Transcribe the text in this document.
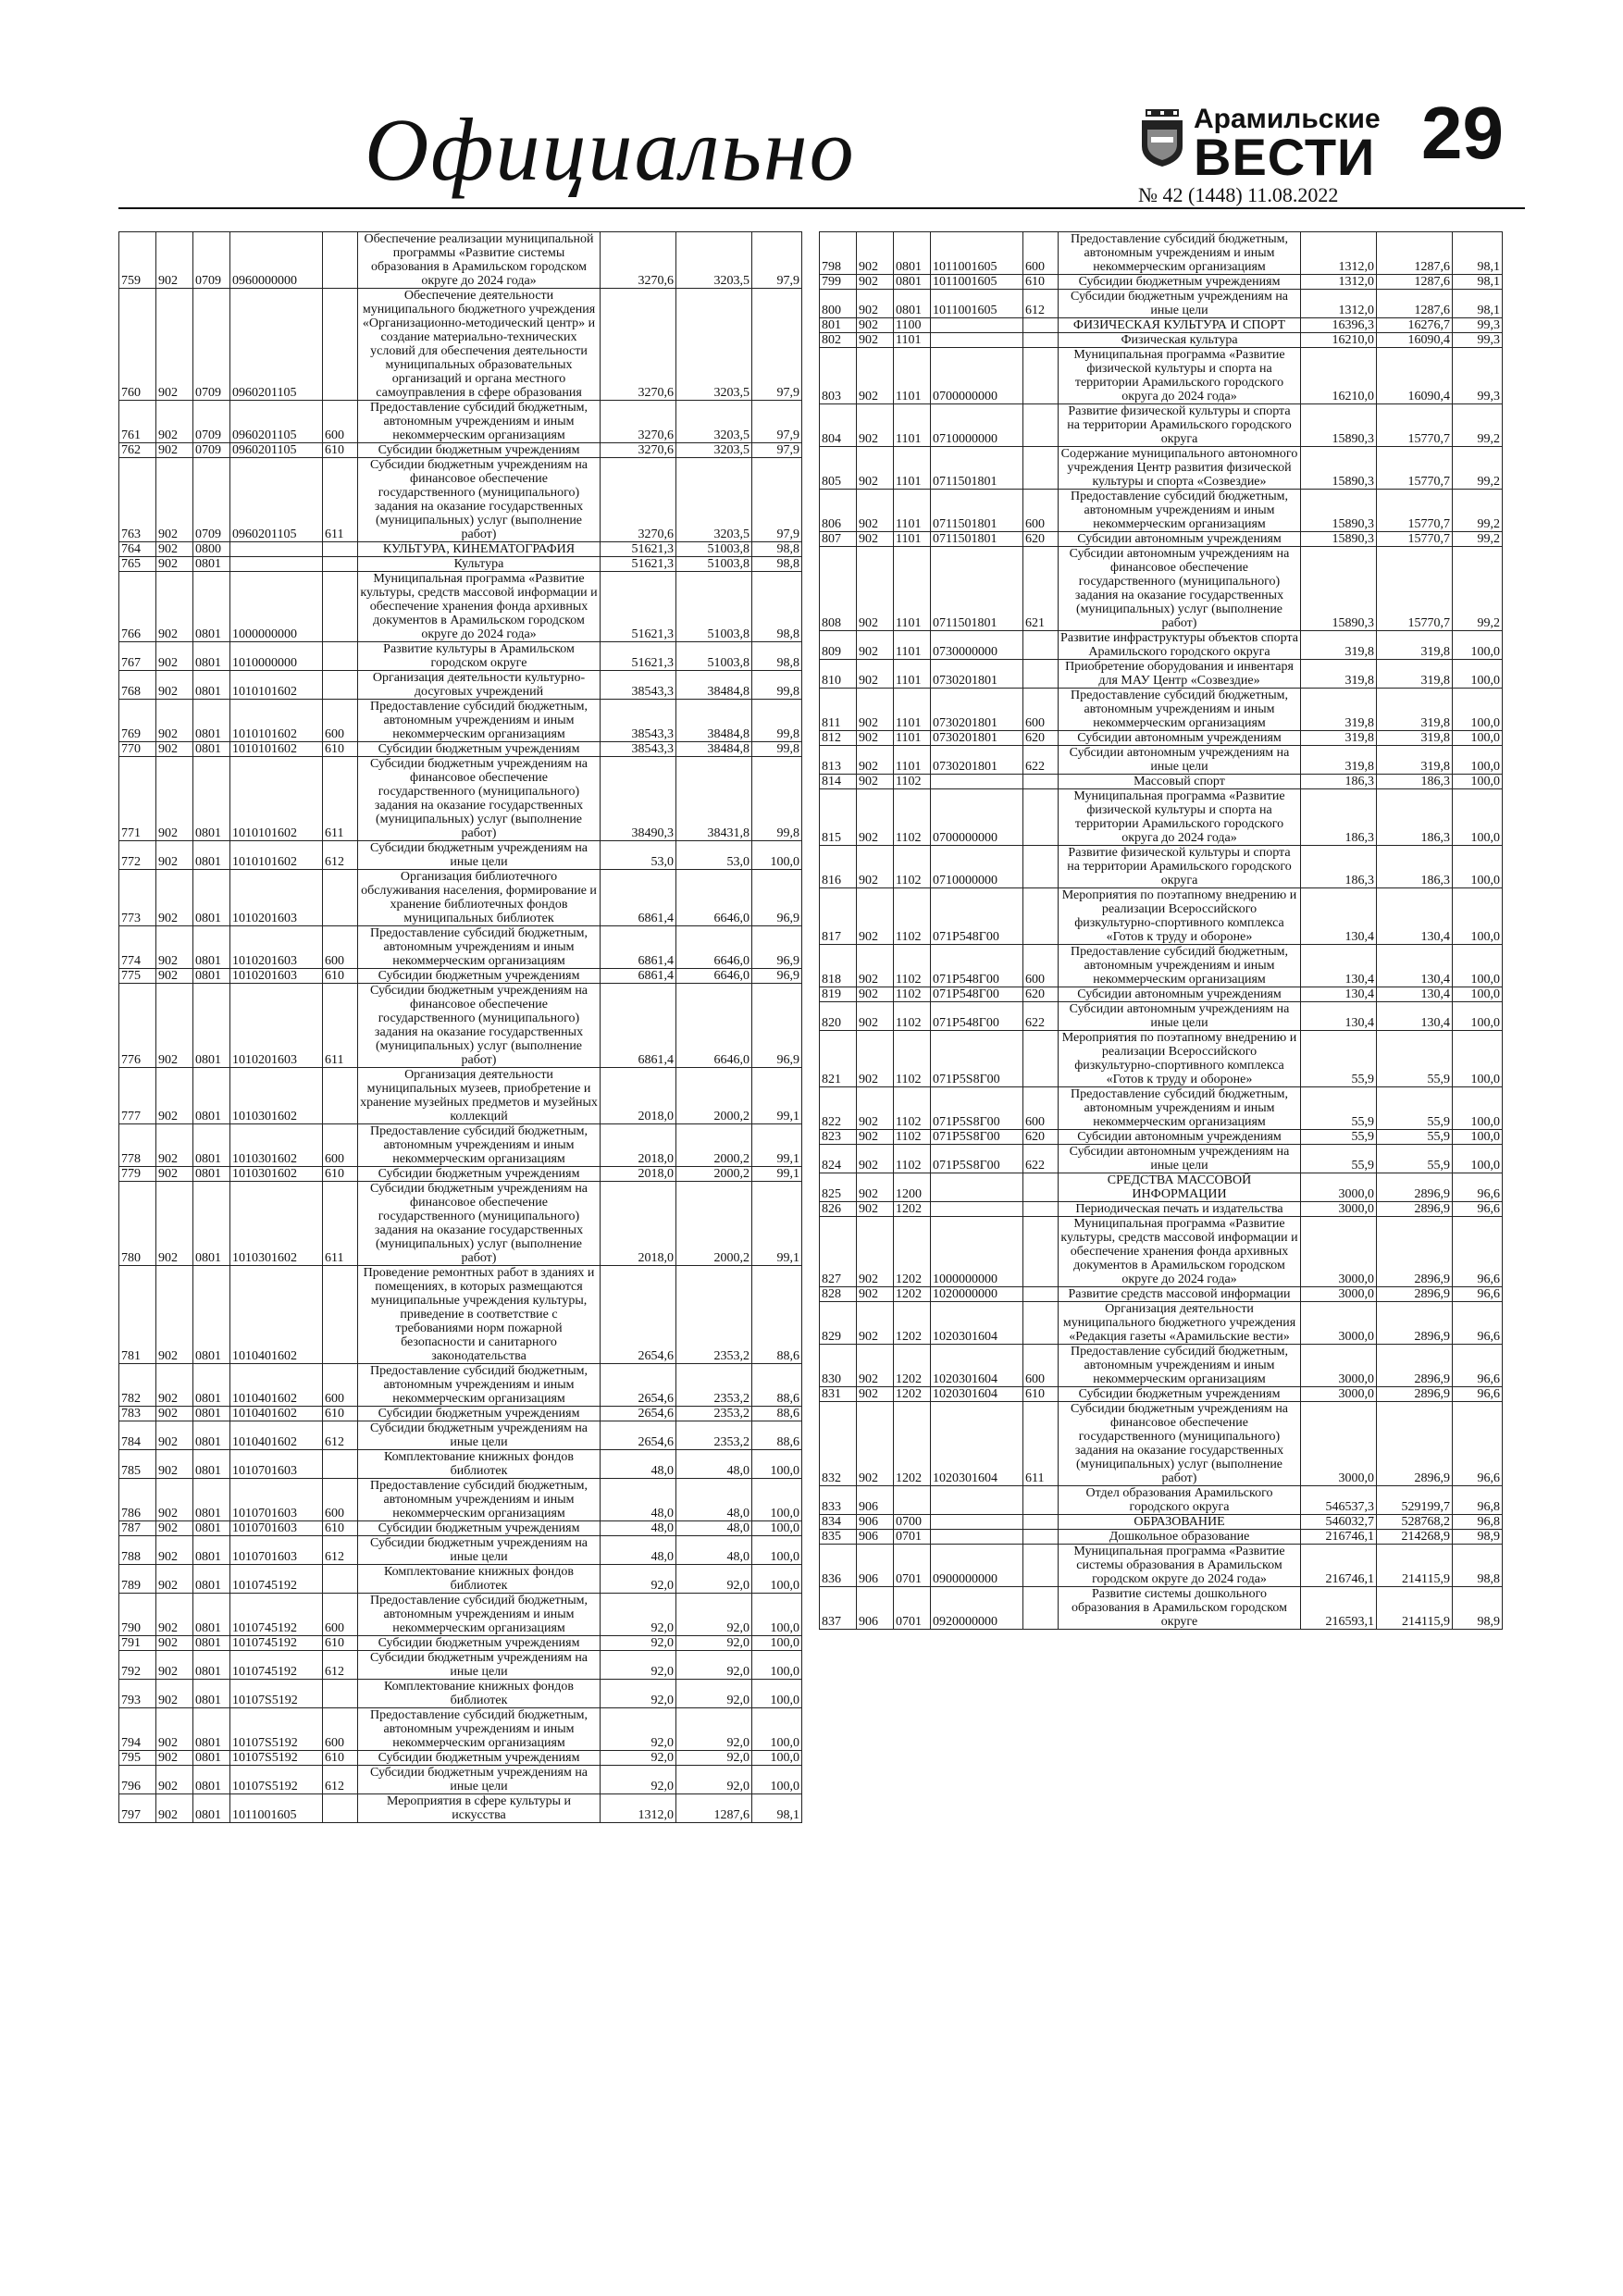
Официально	Арамильские
ВЕСТИ
№ 42 (1448) 11.08.2022
29
759	902	0709	0960000000		Обеспечение реализации муниципальной программы «Развитие системы образования в Арамильском городском округе до 2024 года»	3270,6	3203,5	97,9
760	902	0709	0960201105		Обеспечение деятельности муниципального бюджетного учреждения «Организационно-методический центр» и создание материально-технических условий для обеспечения деятельности муниципальных образовательных организаций и органа местного самоуправления в сфере образования	3270,6	3203,5	97,9
761	902	0709	0960201105	600	Предоставление субсидий бюджетным, автономным учреждениям и иным некоммерческим организациям	3270,6	3203,5	97,9
762	902	0709	0960201105	610	Субсидии бюджетным учреждениям	3270,6	3203,5	97,9
763	902	0709	0960201105	611	Субсидии бюджетным учреждениям на финансовое обеспечение государственного (муниципального) задания на оказание государственных (муниципальных) услуг (выполнение работ)	3270,6	3203,5	97,9
764	902	0800			КУЛЬТУРА, КИНЕМАТОГРАФИЯ	51621,3	51003,8	98,8
765	902	0801			Культура	51621,3	51003,8	98,8
766	902	0801	1000000000		Муниципальная программа «Развитие культуры, средств массовой информации и обеспечение хранения фонда архивных документов в Арамильском городском округе до 2024 года»	51621,3	51003,8	98,8
767	902	0801	1010000000		Развитие культуры в Арамильском городском округе	51621,3	51003,8	98,8
768	902	0801	1010101602		Организация деятельности культурно-досуговых учреждений	38543,3	38484,8	99,8
769	902	0801	1010101602	600	Предоставление субсидий бюджетным, автономным учреждениям и иным некоммерческим организациям	38543,3	38484,8	99,8
770	902	0801	1010101602	610	Субсидии бюджетным учреждениям	38543,3	38484,8	99,8
771	902	0801	1010101602	611	Субсидии бюджетным учреждениям на финансовое обеспечение государственного (муниципального) задания на оказание государственных (муниципальных) услуг (выполнение работ)	38490,3	38431,8	99,8
772	902	0801	1010101602	612	Субсидии бюджетным учреждениям на иные цели	53,0	53,0	100,0
773	902	0801	1010201603		Организация библиотечного обслуживания населения, формирование и хранение библиотечных фондов муниципальных библиотек	6861,4	6646,0	96,9
774	902	0801	1010201603	600	Предоставление субсидий бюджетным, автономным учреждениям и иным некоммерческим организациям	6861,4	6646,0	96,9
775	902	0801	1010201603	610	Субсидии бюджетным учреждениям	6861,4	6646,0	96,9
776	902	0801	1010201603	611	Субсидии бюджетным учреждениям на финансовое обеспечение государственного (муниципального) задания на оказание государственных (муниципальных) услуг (выполнение работ)	6861,4	6646,0	96,9
777	902	0801	1010301602		Организация деятельности муниципальных музеев, приобретение и хранение музейных предметов и музейных коллекций	2018,0	2000,2	99,1
778	902	0801	1010301602	600	Предоставление субсидий бюджетным, автономным учреждениям и иным некоммерческим организациям	2018,0	2000,2	99,1
779	902	0801	1010301602	610	Субсидии бюджетным учреждениям	2018,0	2000,2	99,1
780	902	0801	1010301602	611	Субсидии бюджетным учреждениям на финансовое обеспечение государственного (муниципального) задания на оказание государственных (муниципальных) услуг (выполнение работ)	2018,0	2000,2	99,1
781	902	0801	1010401602		Проведение ремонтных работ в зданиях и помещениях, в которых размещаются муниципальные учреждения культуры, приведение в соответствие с требованиями норм пожарной безопасности и санитарного законодательства	2654,6	2353,2	88,6
782	902	0801	1010401602	600	Предоставление субсидий бюджетным, автономным учреждениям и иным некоммерческим организациям	2654,6	2353,2	88,6
783	902	0801	1010401602	610	Субсидии бюджетным учреждениям	2654,6	2353,2	88,6
784	902	0801	1010401602	612	Субсидии бюджетным учреждениям на иные цели	2654,6	2353,2	88,6
785	902	0801	1010701603		Комплектование книжных фондов библиотек	48,0	48,0	100,0
786	902	0801	1010701603	600	Предоставление субсидий бюджетным, автономным учреждениям и иным некоммерческим организациям	48,0	48,0	100,0
787	902	0801	1010701603	610	Субсидии бюджетным учреждениям	48,0	48,0	100,0
788	902	0801	1010701603	612	Субсидии бюджетным учреждениям на иные цели	48,0	48,0	100,0
789	902	0801	1010745192		Комплектование книжных фондов библиотек	92,0	92,0	100,0
790	902	0801	1010745192	600	Предоставление субсидий бюджетным, автономным учреждениям и иным некоммерческим организациям	92,0	92,0	100,0
791	902	0801	1010745192	610	Субсидии бюджетным учреждениям	92,0	92,0	100,0
792	902	0801	1010745192	612	Субсидии бюджетным учреждениям на иные цели	92,0	92,0	100,0
793	902	0801	10107S5192		Комплектование книжных фондов библиотек	92,0	92,0	100,0
794	902	0801	10107S5192	600	Предоставление субсидий бюджетным, автономным учреждениям и иным некоммерческим организациям	92,0	92,0	100,0
795	902	0801	10107S5192	610	Субсидии бюджетным учреждениям	92,0	92,0	100,0
796	902	0801	10107S5192	612	Субсидии бюджетным учреждениям на иные цели	92,0	92,0	100,0
797	902	0801	1011001605		Мероприятия в сфере культуры и искусства	1312,0	1287,6	98,1
798	902	0801	1011001605	600	Предоставление субсидий бюджетным, автономным учреждениям и иным некоммерческим организациям	1312,0	1287,6	98,1
799	902	0801	1011001605	610	Субсидии бюджетным учреждениям	1312,0	1287,6	98,1
800	902	0801	1011001605	612	Субсидии бюджетным учреждениям на иные цели	1312,0	1287,6	98,1
801	902	1100			ФИЗИЧЕСКАЯ КУЛЬТУРА И СПОРТ	16396,3	16276,7	99,3
802	902	1101			Физическая культура	16210,0	16090,4	99,3
803	902	1101	0700000000		Муниципальная программа «Развитие физической культуры и спорта на территории Арамильского городского округа до 2024 года»	16210,0	16090,4	99,3
804	902	1101	0710000000		Развитие физической культуры и спорта на территории Арамильского городского округа	15890,3	15770,7	99,2
805	902	1101	0711501801		Содержание муниципального автономного учреждения Центр развития физической культуры и спорта «Созвездие»	15890,3	15770,7	99,2
806	902	1101	0711501801	600	Предоставление субсидий бюджетным, автономным учреждениям и иным некоммерческим организациям	15890,3	15770,7	99,2
807	902	1101	0711501801	620	Субсидии автономным учреждениям	15890,3	15770,7	99,2
808	902	1101	0711501801	621	Субсидии автономным учреждениям на финансовое обеспечение государственного (муниципального) задания на оказание государственных (муниципальных) услуг (выполнение работ)	15890,3	15770,7	99,2
809	902	1101	0730000000		Развитие инфраструктуры объектов спорта Арамильского городского округа	319,8	319,8	100,0
810	902	1101	0730201801		Приобретение оборудования и инвентаря для МАУ Центр «Созвездие»	319,8	319,8	100,0
811	902	1101	0730201801	600	Предоставление субсидий бюджетным, автономным учреждениям и иным некоммерческим организациям	319,8	319,8	100,0
812	902	1101	0730201801	620	Субсидии автономным учреждениям	319,8	319,8	100,0
813	902	1101	0730201801	622	Субсидии автономным учреждениям на иные цели	319,8	319,8	100,0
814	902	1102			Массовый спорт	186,3	186,3	100,0
815	902	1102	0700000000		Муниципальная программа «Развитие физической культуры и спорта на территории Арамильского городского округа до 2024 года»	186,3	186,3	100,0
816	902	1102	0710000000		Развитие физической культуры и спорта на территории Арамильского городского округа	186,3	186,3	100,0
817	902	1102	071P548Г00		Мероприятия по поэтапному внедрению и реализации Всероссийского физкультурно-спортивного комплекса «Готов к труду и обороне»	130,4	130,4	100,0
818	902	1102	071P548Г00	600	Предоставление субсидий бюджетным, автономным учреждениям и иным некоммерческим организациям	130,4	130,4	100,0
819	902	1102	071P548Г00	620	Субсидии автономным учреждениям	130,4	130,4	100,0
820	902	1102	071P548Г00	622	Субсидии автономным учреждениям на иные цели	130,4	130,4	100,0
821	902	1102	071P5S8Г00		Мероприятия по поэтапному внедрению и реализации Всероссийского физкультурно-спортивного комплекса «Готов к труду и обороне»	55,9	55,9	100,0
822	902	1102	071P5S8Г00	600	Предоставление субсидий бюджетным, автономным учреждениям и иным некоммерческим организациям	55,9	55,9	100,0
823	902	1102	071P5S8Г00	620	Субсидии автономным учреждениям	55,9	55,9	100,0
824	902	1102	071P5S8Г00	622	Субсидии автономным учреждениям на иные цели	55,9	55,9	100,0
825	902	1200			СРЕДСТВА МАССОВОЙ ИНФОРМАЦИИ	3000,0	2896,9	96,6
826	902	1202			Периодическая печать и издательства	3000,0	2896,9	96,6
827	902	1202	1000000000		Муниципальная программа «Развитие культуры, средств массовой информации и обеспечение хранения фонда архивных документов в Арамильском городском округе до 2024 года»	3000,0	2896,9	96,6
828	902	1202	1020000000		Развитие средств массовой информации	3000,0	2896,9	96,6
829	902	1202	1020301604		Организация деятельности муниципального бюджетного учреждения «Редакция газеты «Арамильские вести»	3000,0	2896,9	96,6
830	902	1202	1020301604	600	Предоставление субсидий бюджетным, автономным учреждениям и иным некоммерческим организациям	3000,0	2896,9	96,6
831	902	1202	1020301604	610	Субсидии бюджетным учреждениям	3000,0	2896,9	96,6
832	902	1202	1020301604	611	Субсидии бюджетным учреждениям на финансовое обеспечение государственного (муниципального) задания на оказание государственных (муниципальных) услуг (выполнение работ)	3000,0	2896,9	96,6
833	906				Отдел образования Арамильского городского округа	546537,3	529199,7	96,8
834	906	0700			ОБРАЗОВАНИЕ	546032,7	528768,2	96,8
835	906	0701			Дошкольное образование	216746,1	214268,9	98,9
836	906	0701	0900000000		Муниципальная программа «Развитие системы образования в Арамильском городском округе до 2024 года»	216746,1	214115,9	98,8
837	906	0701	0920000000		Развитие системы дошкольного образования в Арамильском городском округе	216593,1	214115,9	98,9
